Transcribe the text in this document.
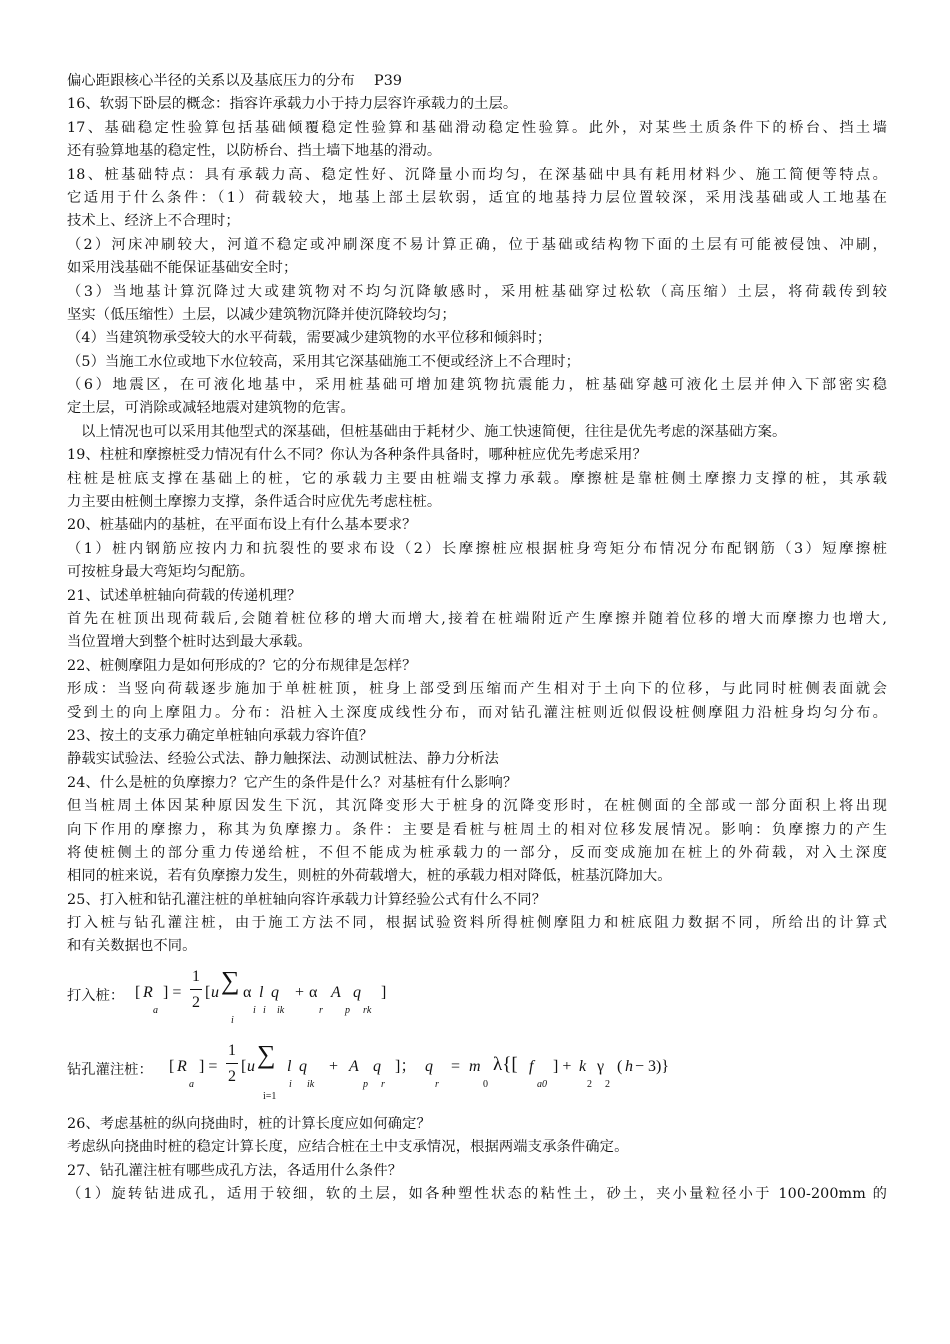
偏心距跟核心半径的关系以及基底压力的分布　 P39
16、软弱下卧层的概念：指容许承载力小于持力层容许承载力的土层。
17、基础稳定性验算包括基础倾覆稳定性验算和基础滑动稳定性验算。此外，对某些土质条件下的桥台、挡土墙
还有验算地基的稳定性，以防桥台、挡土墙下地基的滑动。
18、桩基础特点：具有承载力高、稳定性好、沉降量小而均匀，在深基础中具有耗用材料少、施工简便等特点。
它适用于什么条件：（1）荷载较大，地基上部土层软弱，适宜的地基持力层位置较深，采用浅基础或人工地基在
技术上、经济上不合理时；
（2）河床冲刷较大，河道不稳定或冲刷深度不易计算正确，位于基础或结构物下面的土层有可能被侵蚀、冲刷，
如采用浅基础不能保证基础安全时；
（3）当地基计算沉降过大或建筑物对不均匀沉降敏感时，采用桩基础穿过松软（高压缩）土层，将荷载传到较
坚实（低压缩性）土层，以减少建筑物沉降并使沉降较均匀；
（4）当建筑物承受较大的水平荷载，需要减少建筑物的水平位移和倾斜时；
（5）当施工水位或地下水位较高，采用其它深基础施工不便或经济上不合理时；
（6）地震区，在可液化地基中，采用桩基础可增加建筑物抗震能力，桩基础穿越可液化土层并伸入下部密实稳
定土层，可消除或减轻地震对建筑物的危害。
以上情况也可以采用其他型式的深基础，但桩基础由于耗材少、施工快速简便，往往是优先考虑的深基础方案。
19、柱桩和摩擦桩受力情况有什么不同？你认为各种条件具备时，哪种桩应优先考虑采用？
柱桩是桩底支撑在基础上的桩，它的承载力主要由桩端支撑力承载。摩擦桩是靠桩侧土摩擦力支撑的桩，其承载
力主要由桩侧土摩擦力支撑，条件适合时应优先考虑柱桩。
20、桩基础内的基桩，在平面布设上有什么基本要求？
（1）桩内钢筋应按内力和抗裂性的要求布设（2）长摩擦桩应根据桩身弯矩分布情况分布配钢筋（3）短摩擦桩
可按桩身最大弯矩均匀配筋。
21、试述单桩轴向荷载的传递机理？
首先在桩顶出现荷载后,会随着桩位移的增大而增大,接着在桩端附近产生摩擦并随着位移的增大而摩擦力也增大,
当位置增大到整个桩时达到最大承载。
22、桩侧摩阻力是如何形成的？它的分布规律是怎样？
形成：当竖向荷载逐步施加于单桩桩顶，桩身上部受到压缩而产生相对于土向下的位移，与此同时桩侧表面就会
受到土的向上摩阻力。分布：沿桩入土深度成线性分布，而对钻孔灌注桩则近似假设桩侧摩阻力沿桩身均匀分布。
23、按土的支承力确定单桩轴向承载力容许值？
静载实试验法、经验公式法、静力触探法、动测试桩法、静力分析法
24、什么是桩的负摩擦力？它产生的条件是什么？对基桩有什么影响？
但当桩周土体因某种原因发生下沉，其沉降变形大于桩身的沉降变形时，在桩侧面的全部或一部分面积上将出现
向下作用的摩擦力，称其为负摩擦力。条件：主要是看桩与桩周土的相对位移发展情况。影响：负摩擦力的产生
将使桩侧土的部分重力传递给桩，不但不能成为桩承载力的一部分，反而变成施加在桩上的外荷载，对入土深度
相同的桩来说，若有负摩擦力发生，则桩的外荷载增大，桩的承载力相对降低，桩基沉降加大。
25、打入桩和钻孔灌注桩的单桩轴向容许承载力计算经验公式有什么不同？
打入桩与钻孔灌注桩，由于施工方法不同，根据试验资料所得桩侧摩阻力和桩底阻力数据不同，所给出的计算式
和有关数据也不同。
打入桩： [ R
a
] =
1
2
[ u ∑
i
α l
i i
q
ik
+ α
r
A
p
q
rk
]
钻孔灌注桩： [ R
a
] =
1
2
[ u ∑
i=1
l
i
q
ik
+ A
p
q
r
]； q
r
= m
0
λ{[ f
a0
] + k
2
γ
2
( h − 3)}
26、考虑基桩的纵向挠曲时，桩的计算长度应如何确定？
考虑纵向挠曲时桩的稳定计算长度，应结合桩在土中支承情况，根据两端支承条件确定。
27、钻孔灌注桩有哪些成孔方法，各适用什么条件？
（1）旋转钻进成孔，适用于较细，软的土层，如各种塑性状态的粘性土，砂土，夹小量粒径小于 100-200mm 的
